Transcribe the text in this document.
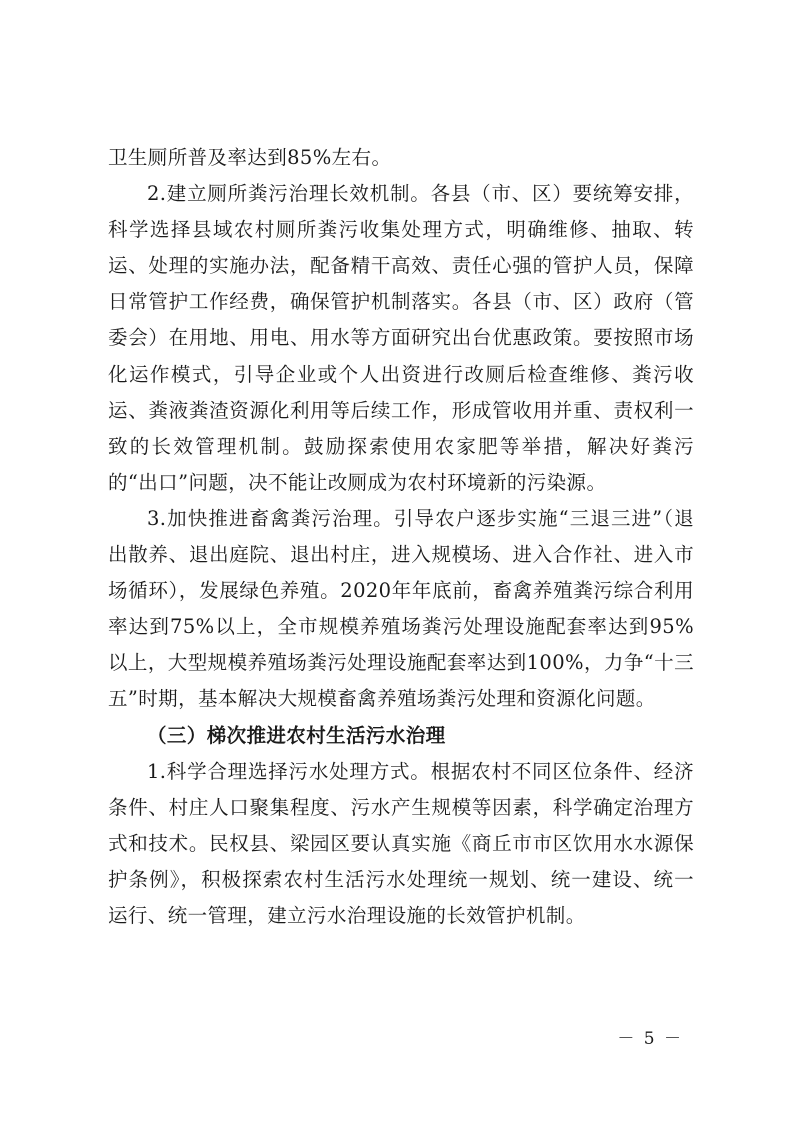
卫生厕所普及率达到85%左右。

2.建立厕所粪污治理长效机制。各县（市、区）要统筹安排，科学选择县域农村厕所粪污收集处理方式，明确维修、抽取、转运、处理的实施办法，配备精干高效、责任心强的管护人员，保障日常管护工作经费，确保管护机制落实。各县（市、区）政府（管委会）在用地、用电、用水等方面研究出台优惠政策。要按照市场化运作模式，引导企业或个人出资进行改厕后检查维修、粪污收运、粪液粪渣资源化利用等后续工作，形成管收用并重、责权利一致的长效管理机制。鼓励探索使用农家肥等举措，解决好粪污的“出口”问题，决不能让改厕成为农村环境新的污染源。

3.加快推进畜禽粪污治理。引导农户逐步实施“三退三进”（退出散养、退出庭院、退出村庄，进入规模场、进入合作社、进入市场循环），发展绿色养殖。2020年年底前，畜禽养殖粪污综合利用率达到75%以上，全市规模养殖场粪污处理设施配套率达到95%以上，大型规模养殖场粪污处理设施配套率达到100%，力争“十三五”时期，基本解决大规模畜禽养殖场粪污处理和资源化问题。

（三）梯次推进农村生活污水治理

1.科学合理选择污水处理方式。根据农村不同区位条件、经济条件、村庄人口聚集程度、污水产生规模等因素，科学确定治理方式和技术。民权县、梁园区要认真实施《商丘市市区饮用水水源保护条例》，积极探索农村生活污水处理统一规划、统一建设、统一运行、统一管理，建立污水治理设施的长效管护机制。

－ 5 －
